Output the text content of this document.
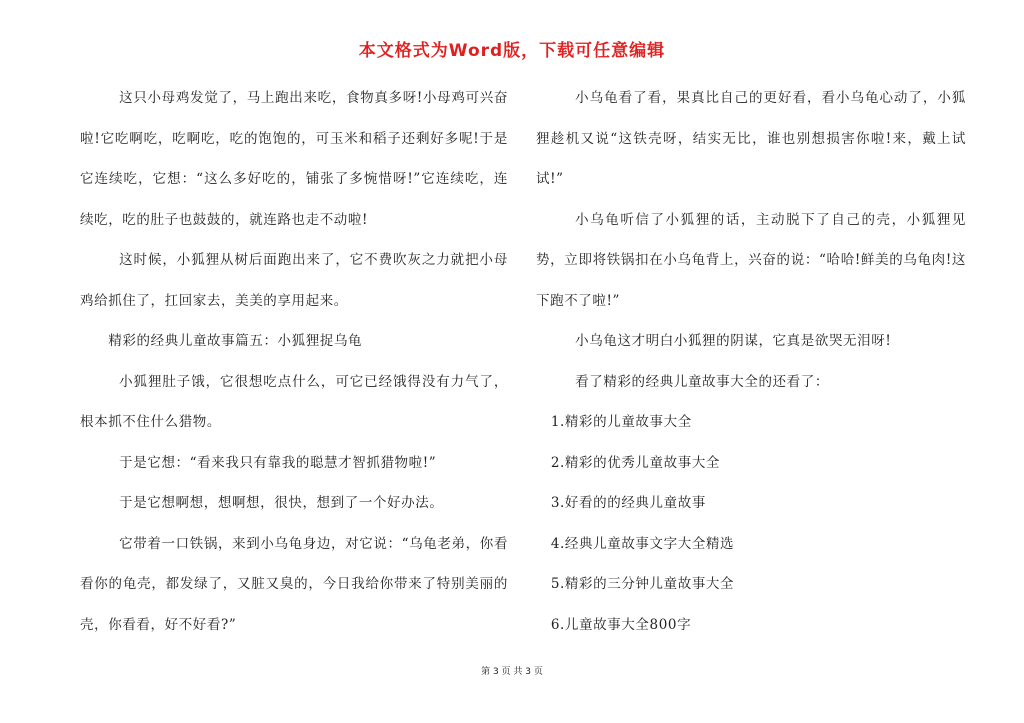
本文格式为Word版，下载可任意编辑

这只小母鸡发觉了，马上跑出来吃，食物真多呀!小母鸡可兴奋啦!它吃啊吃，吃啊吃，吃的饱饱的，可玉米和稻子还剩好多呢!于是它连续吃，它想：“这么多好吃的，铺张了多惋惜呀!”它连续吃，连续吃，吃的肚子也鼓鼓的，就连路也走不动啦!

这时候，小狐狸从树后面跑出来了，它不费吹灰之力就把小母鸡给抓住了，扛回家去，美美的享用起来。

精彩的经典儿童故事篇五：小狐狸捉乌龟

小狐狸肚子饿，它很想吃点什么，可它已经饿得没有力气了，根本抓不住什么猎物。

于是它想：“看来我只有靠我的聪慧才智抓猎物啦!”

于是它想啊想，想啊想，很快，想到了一个好办法。

它带着一口铁锅，来到小乌龟身边，对它说：“乌龟老弟，你看看你的龟壳，都发绿了，又脏又臭的，今日我给你带来了特别美丽的壳，你看看，好不好看?”

小乌龟看了看，果真比自己的更好看，看小乌龟心动了，小狐狸趁机又说“这铁壳呀，结实无比，谁也别想损害你啦!来，戴上试试!”

小乌龟听信了小狐狸的话，主动脱下了自己的壳，小狐狸见势，立即将铁锅扣在小乌龟背上，兴奋的说：“哈哈!鲜美的乌龟肉!这下跑不了啦!”

小乌龟这才明白小狐狸的阴谋，它真是欲哭无泪呀!

看了精彩的经典儿童故事大全的还看了：

1.精彩的儿童故事大全

2.精彩的优秀儿童故事大全

3.好看的的经典儿童故事

4.经典儿童故事文字大全精选

5.精彩的三分钟儿童故事大全

6.儿童故事大全800字

第 3 页 共 3 页
